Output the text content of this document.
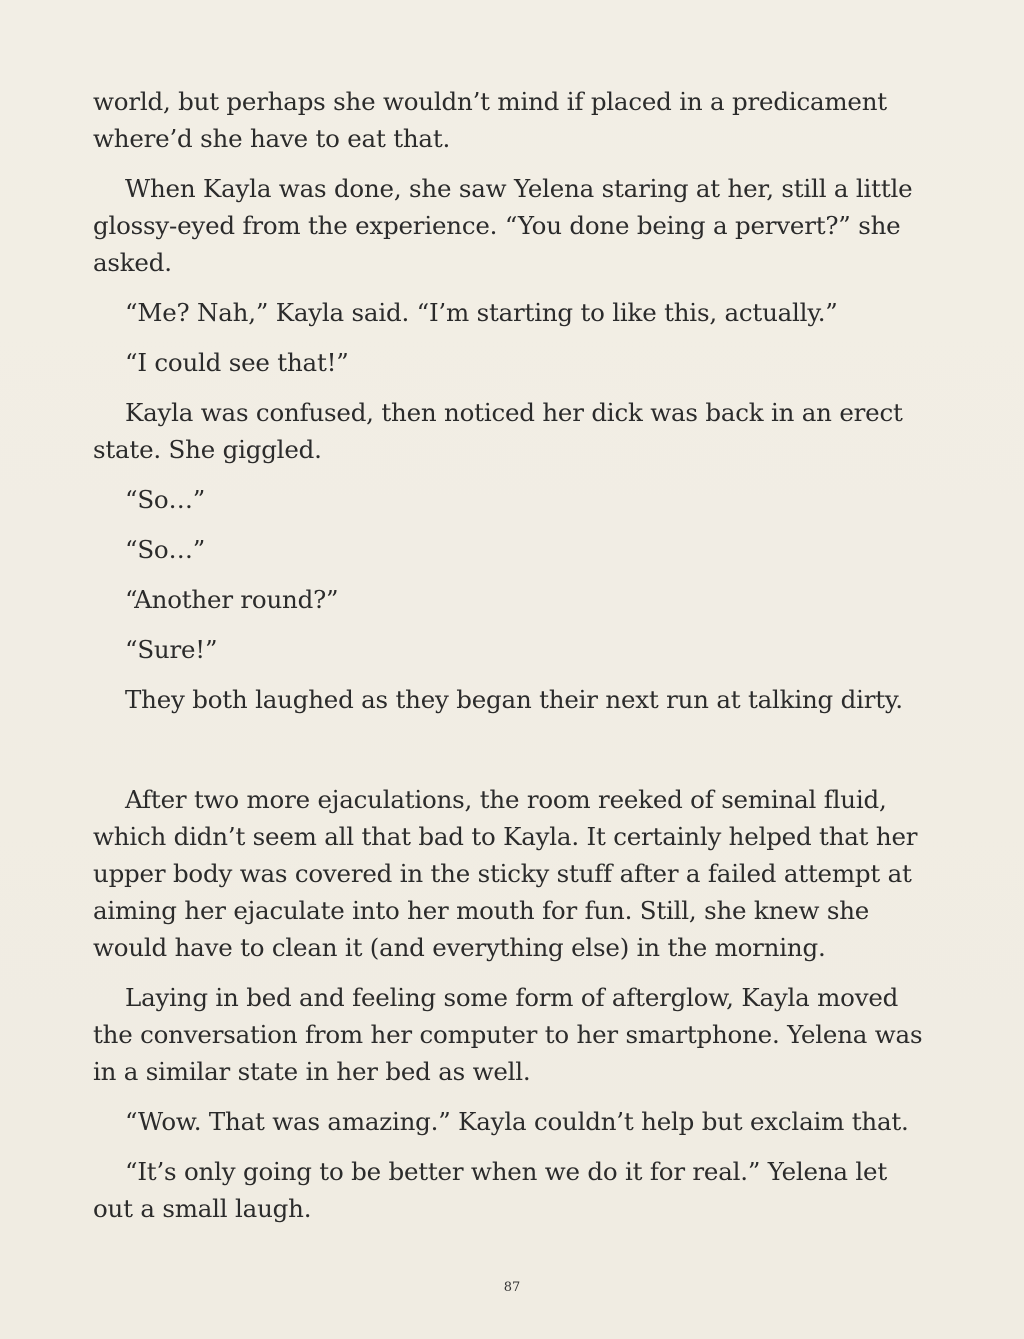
world, but perhaps she wouldn’t mind if placed in a predicament where’d she have to eat that.

When Kayla was done, she saw Yelena staring at her, still a little glossy-eyed from the experience. “You done being a pervert?” she asked.

“Me? Nah,” Kayla said. “I’m starting to like this, actually.”

“I could see that!”

Kayla was confused, then noticed her dick was back in an erect state. She giggled.

“So…”

“So…”

“Another round?”

“Sure!”

They both laughed as they began their next run at talking dirty.

After two more ejaculations, the room reeked of seminal fluid, which didn’t seem all that bad to Kayla. It certainly helped that her upper body was covered in the sticky stuff after a failed attempt at aiming her ejaculate into her mouth for fun. Still, she knew she would have to clean it (and everything else) in the morning.

Laying in bed and feeling some form of afterglow, Kayla moved the conversation from her computer to her smartphone. Yelena was in a similar state in her bed as well.

“Wow. That was amazing.” Kayla couldn’t help but exclaim that.

“It’s only going to be better when we do it for real.” Yelena let out a small laugh.

87
